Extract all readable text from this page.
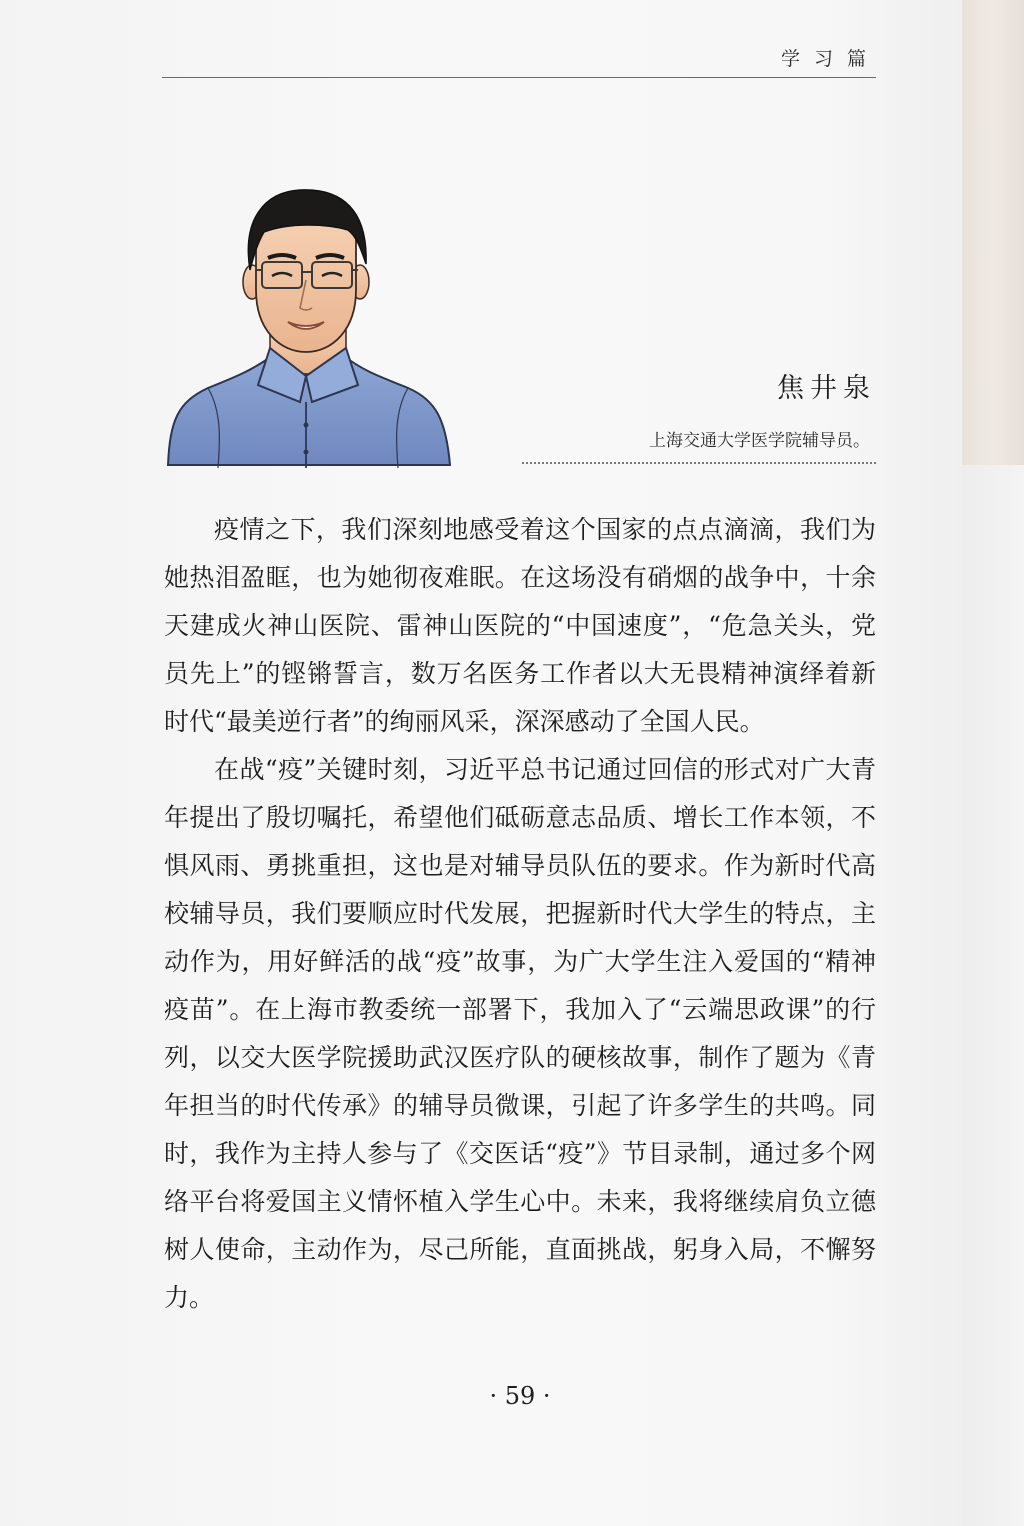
学习篇
焦井泉
上海交通大学医学院辅导员。

疫情之下，我们深刻地感受着这个国家的点点滴滴，我们为她热泪盈眶，也为她彻夜难眠。在这场没有硝烟的战争中，十余天建成火神山医院、雷神山医院的“中国速度”，“危急关头，党员先上”的铿锵誓言，数万名医务工作者以大无畏精神演绎着新时代“最美逆行者”的绚丽风采，深深感动了全国人民。

在战“疫”关键时刻，习近平总书记通过回信的形式对广大青年提出了殷切嘱托，希望他们砥砺意志品质、增长工作本领，不惧风雨、勇挑重担，这也是对辅导员队伍的要求。作为新时代高校辅导员，我们要顺应时代发展，把握新时代大学生的特点，主动作为，用好鲜活的战“疫”故事，为广大学生注入爱国的“精神疫苗”。在上海市教委统一部署下，我加入了“云端思政课”的行列，以交大医学院援助武汉医疗队的硬核故事，制作了题为《青年担当的时代传承》的辅导员微课，引起了许多学生的共鸣。同时，我作为主持人参与了《交医话“疫”》节目录制，通过多个网络平台将爱国主义情怀植入学生心中。未来，我将继续肩负立德树人使命，主动作为，尽己所能，直面挑战，躬身入局，不懈努力。

· 59 ·
